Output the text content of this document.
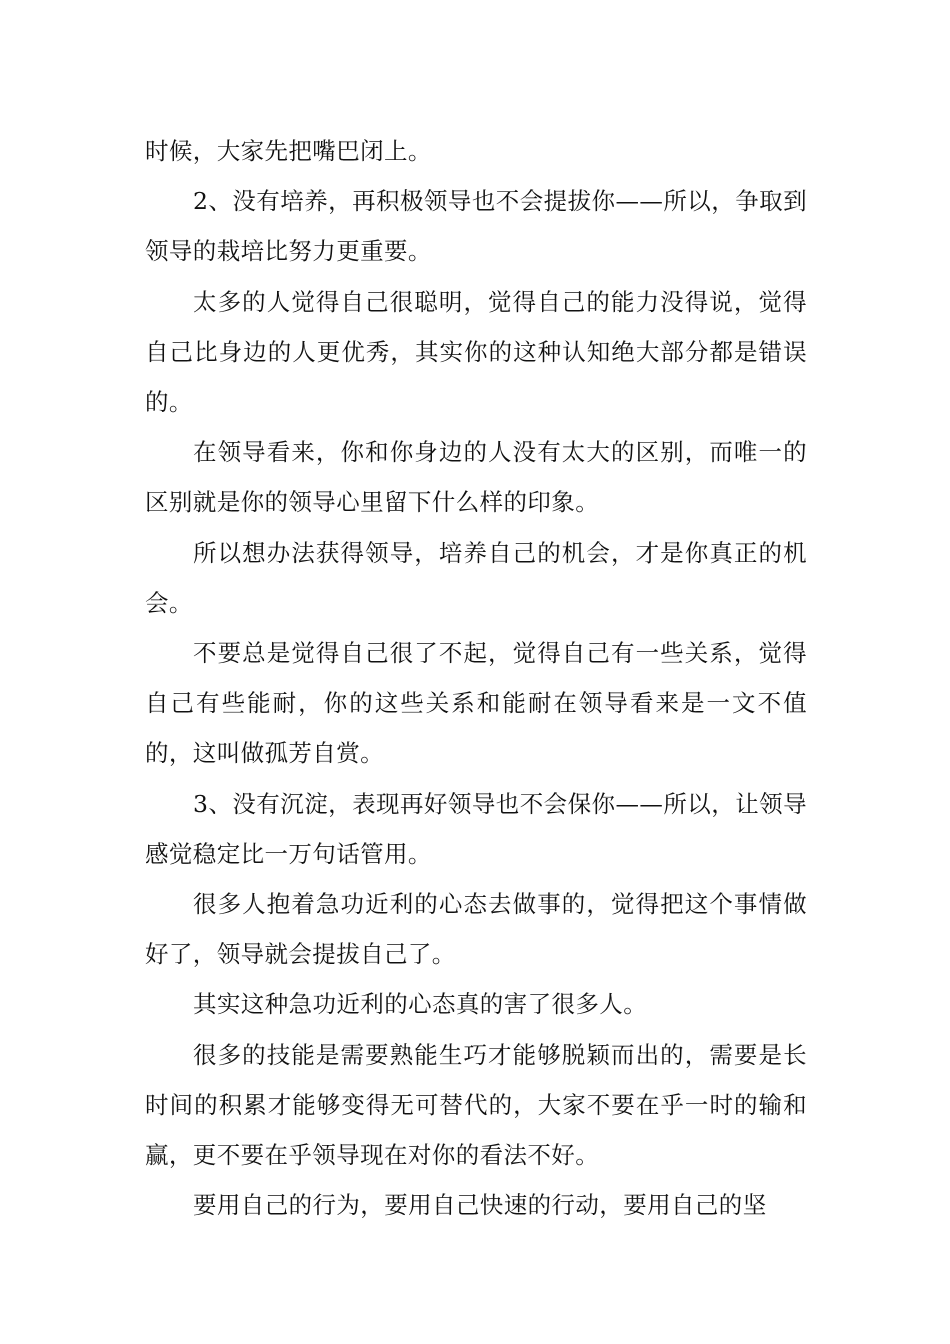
时候，大家先把嘴巴闭上。

2、没有培养，再积极领导也不会提拔你——所以，争取到领导的栽培比努力更重要。

太多的人觉得自己很聪明，觉得自己的能力没得说，觉得自己比身边的人更优秀，其实你的这种认知绝大部分都是错误的。

在领导看来，你和你身边的人没有太大的区别，而唯一的区别就是你的领导心里留下什么样的印象。

所以想办法获得领导，培养自己的机会，才是你真正的机会。

不要总是觉得自己很了不起，觉得自己有一些关系，觉得自己有些能耐，你的这些关系和能耐在领导看来是一文不值的，这叫做孤芳自赏。

3、没有沉淀，表现再好领导也不会保你——所以，让领导感觉稳定比一万句话管用。

很多人抱着急功近利的心态去做事的，觉得把这个事情做好了，领导就会提拔自己了。

其实这种急功近利的心态真的害了很多人。

很多的技能是需要熟能生巧才能够脱颖而出的，需要是长时间的积累才能够变得无可替代的，大家不要在乎一时的输和赢，更不要在乎领导现在对你的看法不好。

要用自己的行为，要用自己快速的行动，要用自己的坚
